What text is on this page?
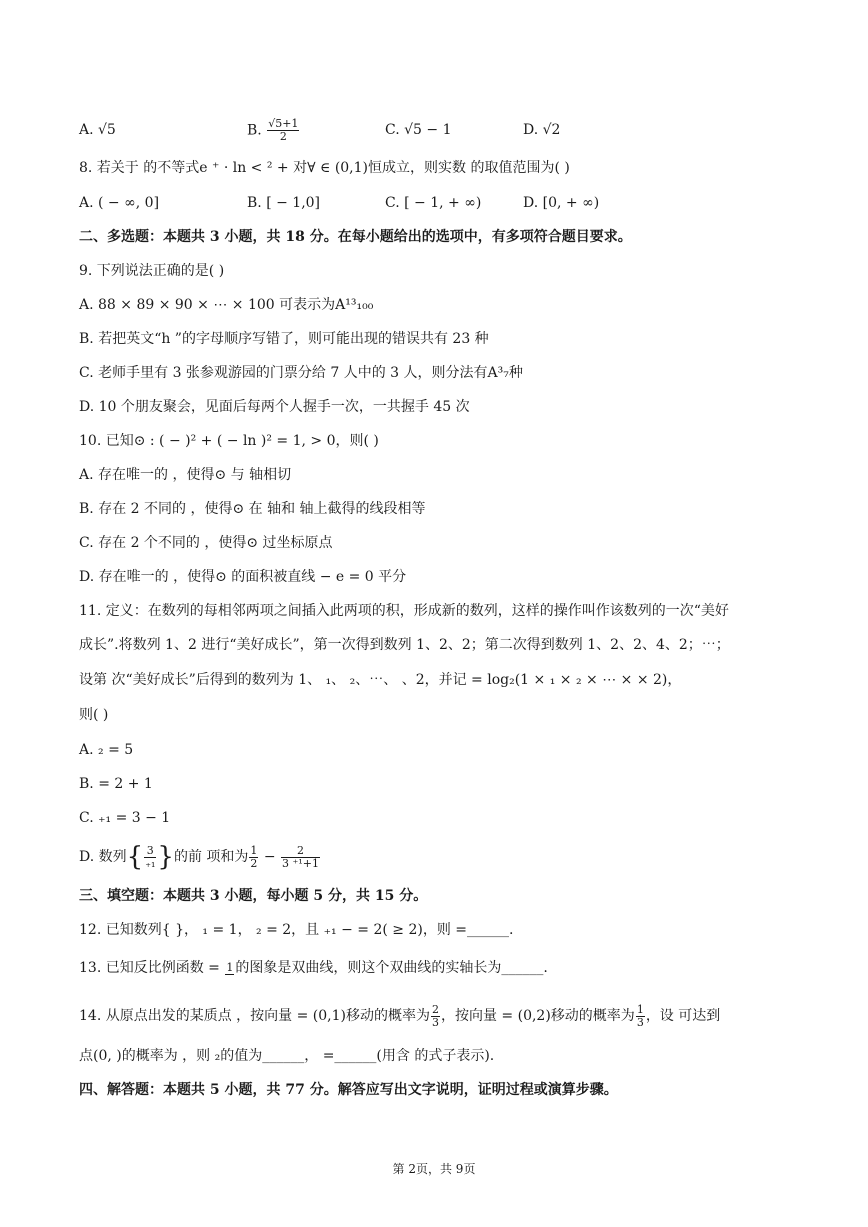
A. √5	B. $\frac{√5+1}{2}$	C. √5 − 1	D. √2
8. 若关于 的不等式e ⁺ · ln < ² + 对∀ ∈ (0,1)恒成立，则实数 的取值范围为( )
A. ( − ∞, 0]	B. [ − 1,0]	C. [ − 1, + ∞)	D. [0, + ∞)
二、多选题：本题共 3 小题，共 18 分。在每小题给出的选项中，有多项符合题目要求。
9. 下列说法正确的是( )
A. 88 × 89 × 90 × ⋯ × 100 可表示为A¹³₁₀₀
B. 若把英文“h ”的字母顺序写错了，则可能出现的错误共有 23 种
C. 老师手里有 3 张参观游园的门票分给 7 人中的 3 人，则分法有A³₇种
D. 10 个朋友聚会，见面后每两个人握手一次，一共握手 45 次
10. 已知⊙ : ( − )² + ( − ln )² = 1, > 0，则( )
A. 存在唯一的 ，使得⊙ 与 轴相切
B. 存在 2 不同的 ，使得⊙ 在 轴和 轴上截得的线段相等
C. 存在 2 个不同的 ，使得⊙ 过坐标原点
D. 存在唯一的 ，使得⊙ 的面积被直线 − e = 0 平分
11. 定义：在数列的每相邻两项之间插入此两项的积，形成新的数列，这样的操作叫作该数列的一次“美好
成长”.将数列 1、2 进行“美好成长”，第一次得到数列 1、2、2；第二次得到数列 1、2、2、4、2；⋯；
设第 次“美好成长”后得到的数列为 1、 ₁、 ₂、⋯、 、2，并记 = log₂(1 × ₁ × ₂ × ⋯ × × 2)，
则( )
A. ₂ = 5
B. = 2 + 1
C. ₊₁ = 3 − 1
D. 数列{ $\frac{3}{\text{₊₁}}$ }的前 项和为 $\frac{1}{2} - \frac{2}{\text{3 ⁺¹+1}}$
三、填空题：本题共 3 小题，每小题 5 分，共 15 分。
12. 已知数列{ }， ₁ = 1， ₂ = 2，且 ₊₁ − = 2( ≥ 2)，则 =______.
13. 已知反比例函数 = 1 的图象是双曲线，则这个双曲线的实轴长为______.
14. 从原点出发的某质点 ，按向量 = (0,1)移动的概率为 $\frac{2}{3}$ ，按向量 = (0,2)移动的概率为 $\frac{1}{3}$ ，设 可达到
点(0, )的概率为 ，则 ₂的值为______， =______(用含 的式子表示).
四、解答题：本题共 5 小题，共 77 分。解答应写出文字说明，证明过程或演算步骤。
第 2页，共 9页
